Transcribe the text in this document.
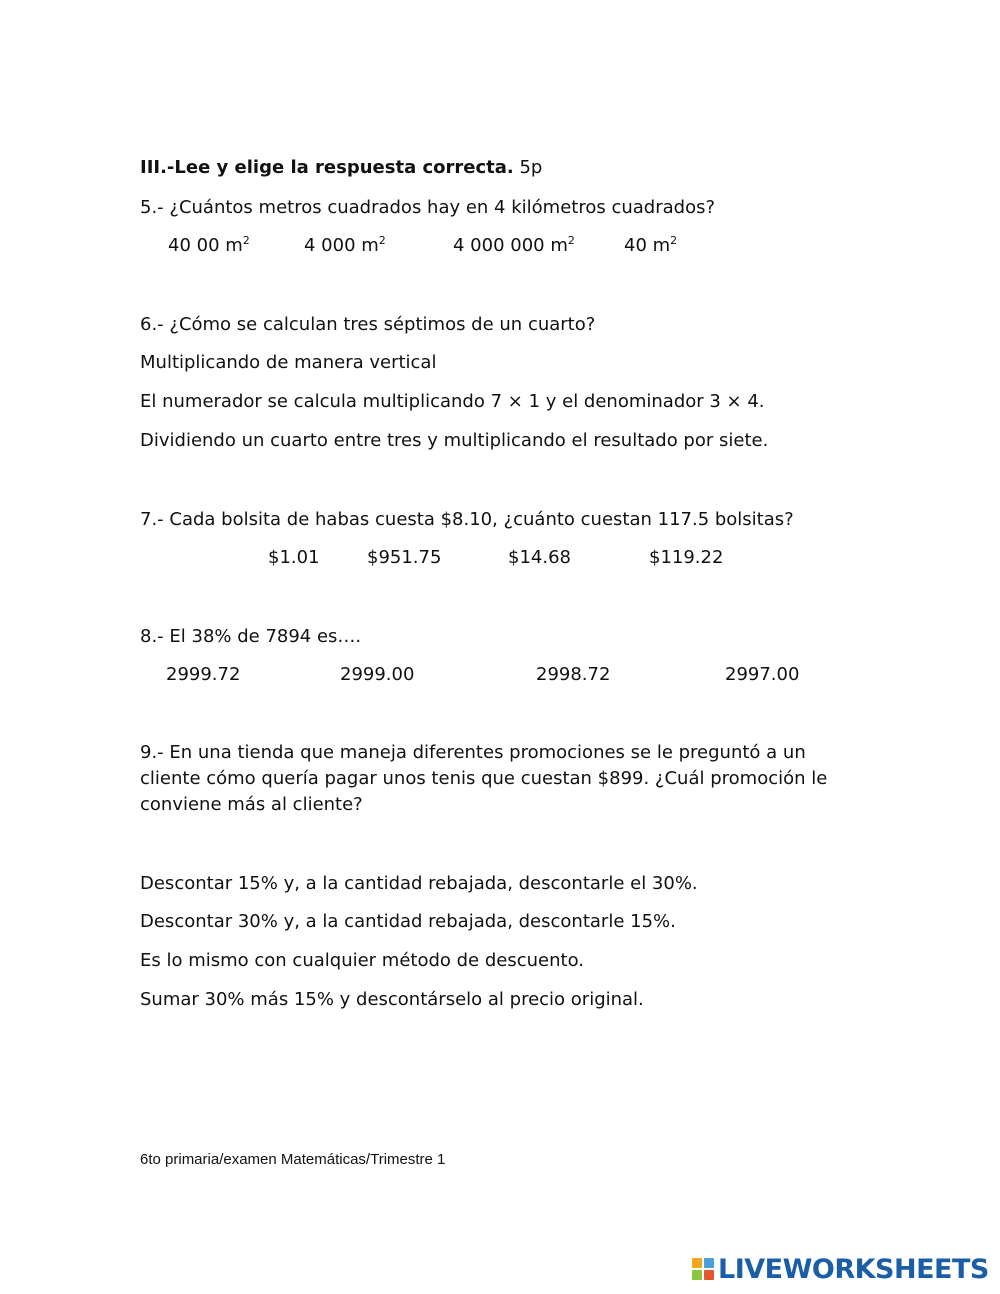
III.-Lee y elige la respuesta correcta. 5p
5.- ¿Cuántos metros cuadrados hay en 4 kilómetros cuadrados?
40 00 $m^2$	4 000 $m^2$	4 000 000 $m^2$	40 $m^2$
6.- ¿Cómo se calculan tres séptimos de un cuarto?
Multiplicando de manera vertical
El numerador se calcula multiplicando 7 × 1 y el denominador 3 × 4.
Dividiendo un cuarto entre tres y multiplicando el resultado por siete.
7.- Cada bolsita de habas cuesta $8.10, ¿cuánto cuestan 117.5 bolsitas?
$1.01	$951.75	$14.68	$119.22
8.- El 38% de 7894 es….
2999.72	2999.00	2998.72	2997.00
9.- En una tienda que maneja diferentes promociones se le preguntó a un cliente cómo quería pagar unos tenis que cuestan $899. ¿Cuál promoción le conviene más al cliente?
Descontar 15% y, a la cantidad rebajada, descontarle el 30%.
Descontar 30% y, a la cantidad rebajada, descontarle 15%.
Es lo mismo con cualquier método de descuento.
Sumar 30% más 15% y descontárselo al precio original.
6to primaria/examen Matemáticas/Trimestre 1
LIVEWORKSHEETS
